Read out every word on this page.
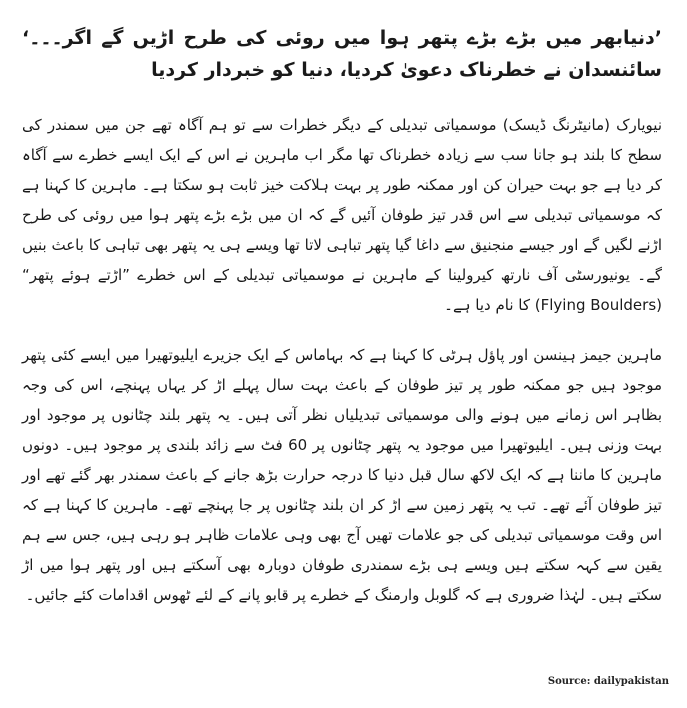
’دنیابھر میں بڑے بڑے پتھر ہوا میں روئی کی طرح اڑیں گے اگر۔۔۔‘ سائنسدان نے خطرناک دعویٰ کردیا، دنیا کو خبردار کردیا

نیویارک (مانیٹرنگ ڈیسک) موسمیاتی تبدیلی کے دیگر خطرات سے تو ہم آگاہ تھے جن میں سمندر کی سطح کا بلند ہو جانا سب سے زیادہ خطرناک تھا مگر اب ماہرین نے اس کے ایک ایسے خطرے سے آگاہ کر دیا ہے جو بہت حیران کن اور ممکنہ طور پر بہت ہلاکت خیز ثابت ہو سکتا ہے۔ ماہرین کا کہنا ہے کہ موسمیاتی تبدیلی سے اس قدر تیز طوفان آئیں گے کہ ان میں بڑے بڑے پتھر ہوا میں روئی کی طرح اڑنے لگیں گے اور جیسے منجنیق سے داغا گیا پتھر تباہی لاتا تھا ویسے ہی یہ پتھر بھی تباہی کا باعث بنیں گے۔ یونیورسٹی آف نارتھ کیرولینا کے ماہرین نے موسمیاتی تبدیلی کے اس خطرے ”اڑتے ہوئے پتھر“ (Flying Boulders) کا نام دیا ہے۔

ماہرین جیمز ہینسن اور پاؤل ہرٹی کا کہنا ہے کہ بہاماس کے ایک جزیرے ایلیوتھیرا میں ایسے کئی پتھر موجود ہیں جو ممکنہ طور پر تیز طوفان کے باعث بہت سال پہلے اڑ کر یہاں پہنچے، اس کی وجہ بظاہر اس زمانے میں ہونے والی موسمیاتی تبدیلیاں نظر آتی ہیں۔ یہ پتھر بلند چٹانوں پر موجود اور بہت وزنی ہیں۔ ایلیوتھیرا میں موجود یہ پتھر چٹانوں پر 60 فٹ سے زائد بلندی پر موجود ہیں۔ دونوں ماہرین کا ماننا ہے کہ ایک لاکھ سال قبل دنیا کا درجہ حرارت بڑھ جانے کے باعث سمندر بھر گئے تھے اور تیز طوفان آئے تھے۔ تب یہ پتھر زمین سے اڑ کر ان بلند چٹانوں پر جا پہنچے تھے۔ ماہرین کا کہنا ہے کہ اس وقت موسمیاتی تبدیلی کی جو علامات تھیں آج بھی وہی علامات ظاہر ہو رہی ہیں، جس سے ہم یقین سے کہہ سکتے ہیں ویسے ہی بڑے سمندری طوفان دوبارہ بھی آسکتے ہیں اور پتھر ہوا میں اڑ سکتے ہیں۔ لہٰذا ضروری ہے کہ گلوبل وارمنگ کے خطرے پر قابو پانے کے لئے ٹھوس اقدامات کئے جائیں۔

Source: dailypakistan
